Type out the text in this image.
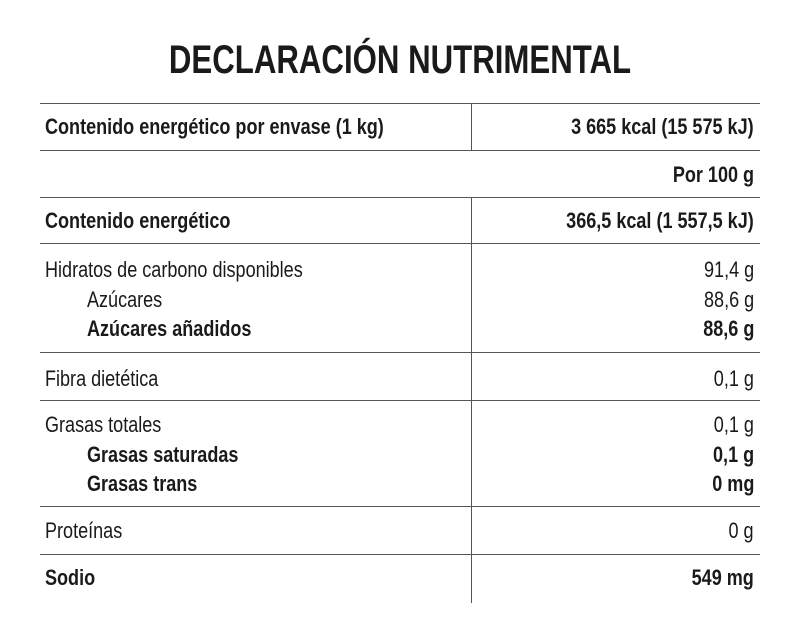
DECLARACIÓN NUTRIMENTAL
Contenido energético por envase (1 kg)	3 665 kcal (15 575 kJ)
Por 100 g
Contenido energético	366,5 kcal (1 557,5 kJ)
Hidratos de carbono disponibles	91,4 g
Azúcares	88,6 g
Azúcares añadidos	88,6 g
Fibra dietética	0,1 g
Grasas totales	0,1 g
Grasas saturadas	0,1 g
Grasas trans	0 mg
Proteínas	0 g
Sodio	549 mg
